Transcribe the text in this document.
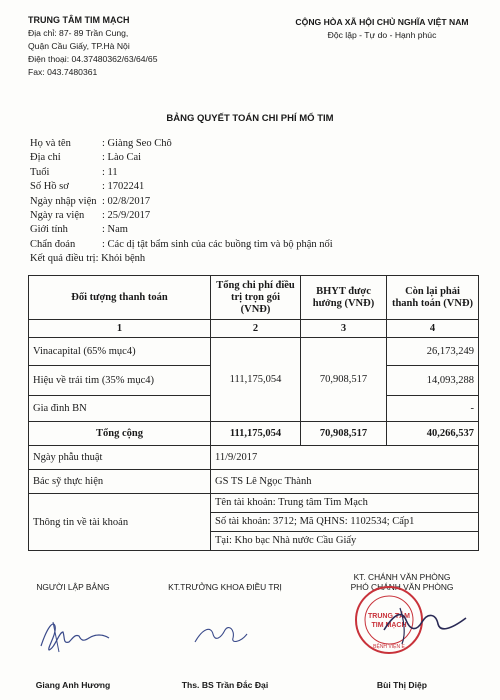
TRUNG TÂM TIM MẠCH
Địa chỉ: 87- 89 Trần Cung,
Quận Cầu Giấy, TP.Hà Nội
Điện thoại: 04.37480362/63/64/65
Fax: 043.7480361
CỘNG HÒA XÃ HỘI CHỦ NGHĨA VIỆT NAM
Độc lập - Tự do - Hạnh phúc
BẢNG QUYẾT TOÁN CHI PHÍ MỔ TIM
Họ và tên	: Giàng Seo Chô
Địa chỉ	: Lào Cai
Tuổi	: 11
Số Hồ sơ	: 1702241
Ngày nhập viện : 02/8/2017
Ngày ra viện : 25/9/2017
Giới tính	: Nam
Chẩn đoán	: Các dị tật bẩm sinh của các buồng tim và bộ phận nối
Kết quả điều trị: Khỏi bệnh
Đối tượng thanh toán	Tổng chi phí điều trị trọn gói (VNĐ)	BHYT được hưởng (VNĐ)	Còn lại phải thanh toán (VNĐ)
1	2	3	4
Vinacapital (65% mục4)	111,175,054	70,908,517	26,173,249
Hiệu về trái tim (35% mục4)			14,093,288
Gia đình BN			-
Tổng cộng	111,175,054	70,908,517	40,266,537
Ngày phẫu thuật	11/9/2017		
Bác sỹ thực hiện	GS TS Lê Ngọc Thành		
Thông tin về tài khoản	Tên tài khoản: Trung tâm Tim Mạch
Số tài khoản: 3712; Mã QHNS: 1102534; Cấp1
Tại: Kho bạc Nhà nước Cầu Giấy		
NGƯỜI LẬP BẢNG
Giang Anh Hương
KT.TRƯỞNG KHOA ĐIỀU TRỊ
Ths. BS Trần Đắc Đại
KT. CHÁNH VĂN PHÒNG
PHÓ CHÁNH VĂN PHÒNG
Bùi Thị Diệp
TRUNG TÂM
TIM MẠCH
BỆNH VIỆN E
